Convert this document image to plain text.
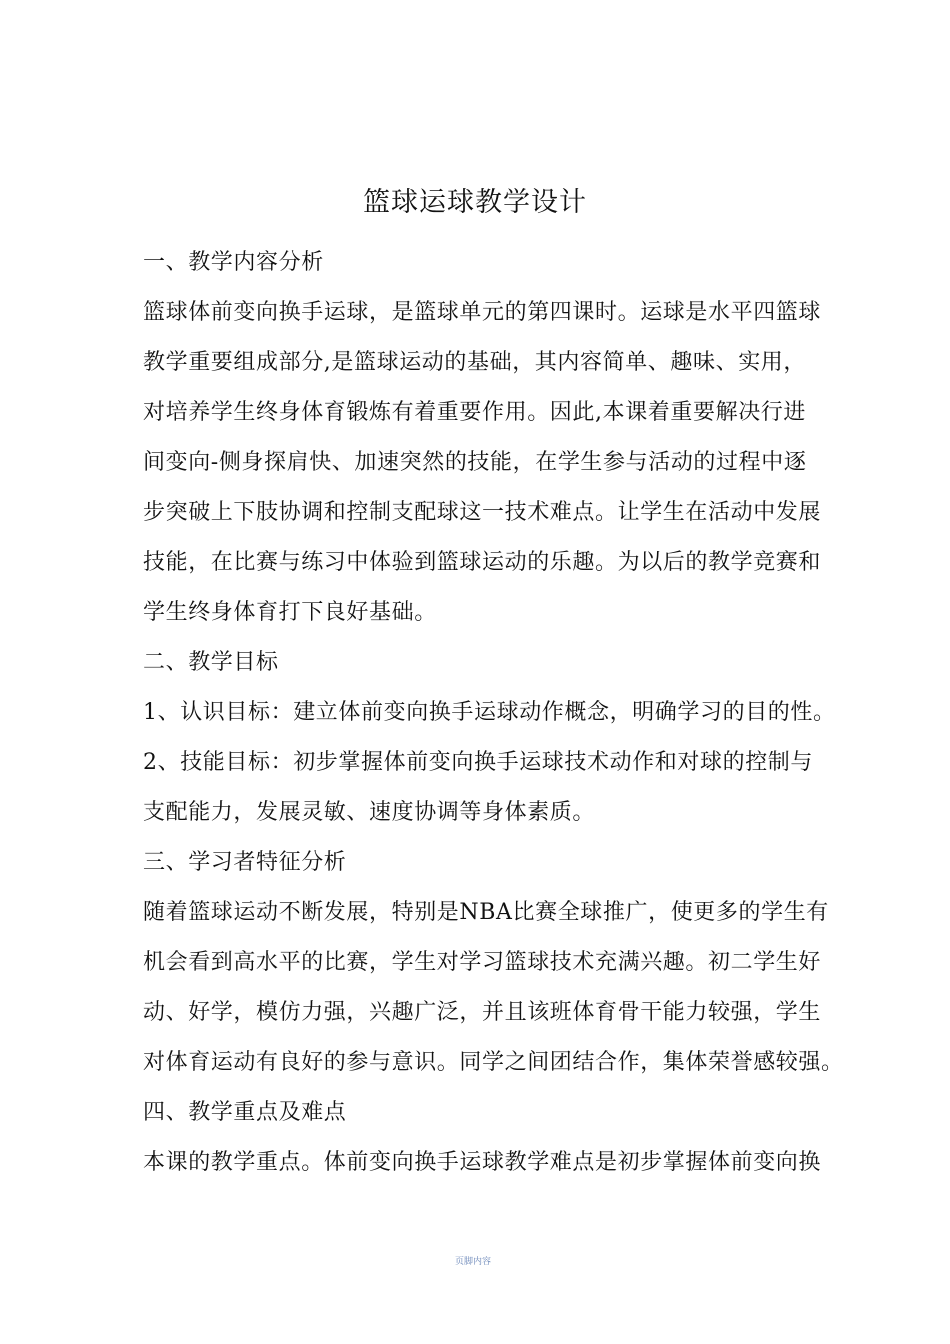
篮球运球教学设计
一、教学内容分析
篮球体前变向换手运球，是篮球单元的第四课时。运球是水平四篮球
教学重要组成部分,是篮球运动的基础，其内容简单、趣味、实用，
对培养学生终身体育锻炼有着重要作用。因此,本课着重要解决行进
间变向-侧身探肩快、加速突然的技能，在学生参与活动的过程中逐
步突破上下肢协调和控制支配球这一技术难点。让学生在活动中发展
技能，在比赛与练习中体验到篮球运动的乐趣。为以后的教学竞赛和
学生终身体育打下良好基础。
二、教学目标
1、认识目标：建立体前变向换手运球动作概念，明确学习的目的性。
2、技能目标：初步掌握体前变向换手运球技术动作和对球的控制与
支配能力，发展灵敏、速度协调等身体素质。
三、学习者特征分析
随着篮球运动不断发展，特别是NBA比赛全球推广，使更多的学生有
机会看到高水平的比赛，学生对学习篮球技术充满兴趣。初二学生好
动、好学，模仿力强，兴趣广泛，并且该班体育骨干能力较强，学生
对体育运动有良好的参与意识。同学之间团结合作，集体荣誉感较强。
四、教学重点及难点
本课的教学重点。体前变向换手运球教学难点是初步掌握体前变向换
页脚内容
